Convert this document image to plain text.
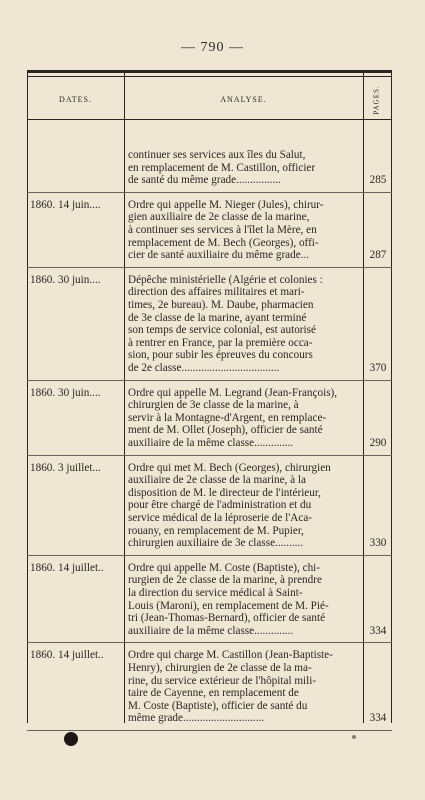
— 790 —
DATES.	ANALYSE.	PAGES.
continuer ses services aux îles du Salut,
en remplacement de M. Castillon, officier
de santé du même grade................	285
1860. 14 juin....	Ordre qui appelle M. Nieger (Jules), chirur-
gien auxiliaire de 2e classe de la marine,
à continuer ses services à l'îlet la Mère, en
remplacement de M. Bech (Georges), offi-
cier de santé auxiliaire du même grade...	287
1860. 30 juin....	Dépêche ministérielle (Algérie et colonies :
direction des affaires militaires et mari-
times, 2e bureau). M. Daube, pharmacien
de 3e classe de la marine, ayant terminé
son temps de service colonial, est autorisé
à rentrer en France, par la première occa-
sion, pour subir les épreuves du concours
de 2e classe...................................	370
1860. 30 juin....	Ordre qui appelle M. Legrand (Jean-François),
chirurgien de 3e classe de la marine, à
servir à la Montagne-d'Argent, en remplace-
ment de M. Ollet (Joseph), officier de santé
auxiliaire de la même classe..............	290
1860. 3 juillet...	Ordre qui met M. Bech (Georges), chirurgien
auxiliaire de 2e classe de la marine, à la
disposition de M. le directeur de l'intérieur,
pour être chargé de l'administration et du
service médical de la léproserie de l'Aca-
rouany, en remplacement de M. Pupier,
chirurgien auxiliaire de 3e classe..........	330
1860. 14 juillet..	Ordre qui appelle M. Coste (Baptiste), chi-
rurgien de 2e classe de la marine, à prendre
la direction du service médical à Saint-
Louis (Maroni), en remplacement de M. Pié-
tri (Jean-Thomas-Bernard), officier de santé
auxiliaire de la même classe..............	334
1860. 14 juillet..	Ordre qui charge M. Castillon (Jean-Baptiste-
Henry), chirurgien de 2e classe de la ma-
rine, du service extérieur de l'hôpital mili-
taire de Cayenne, en remplacement de
M. Coste (Baptiste), officier de santé du
même grade.............................	334
